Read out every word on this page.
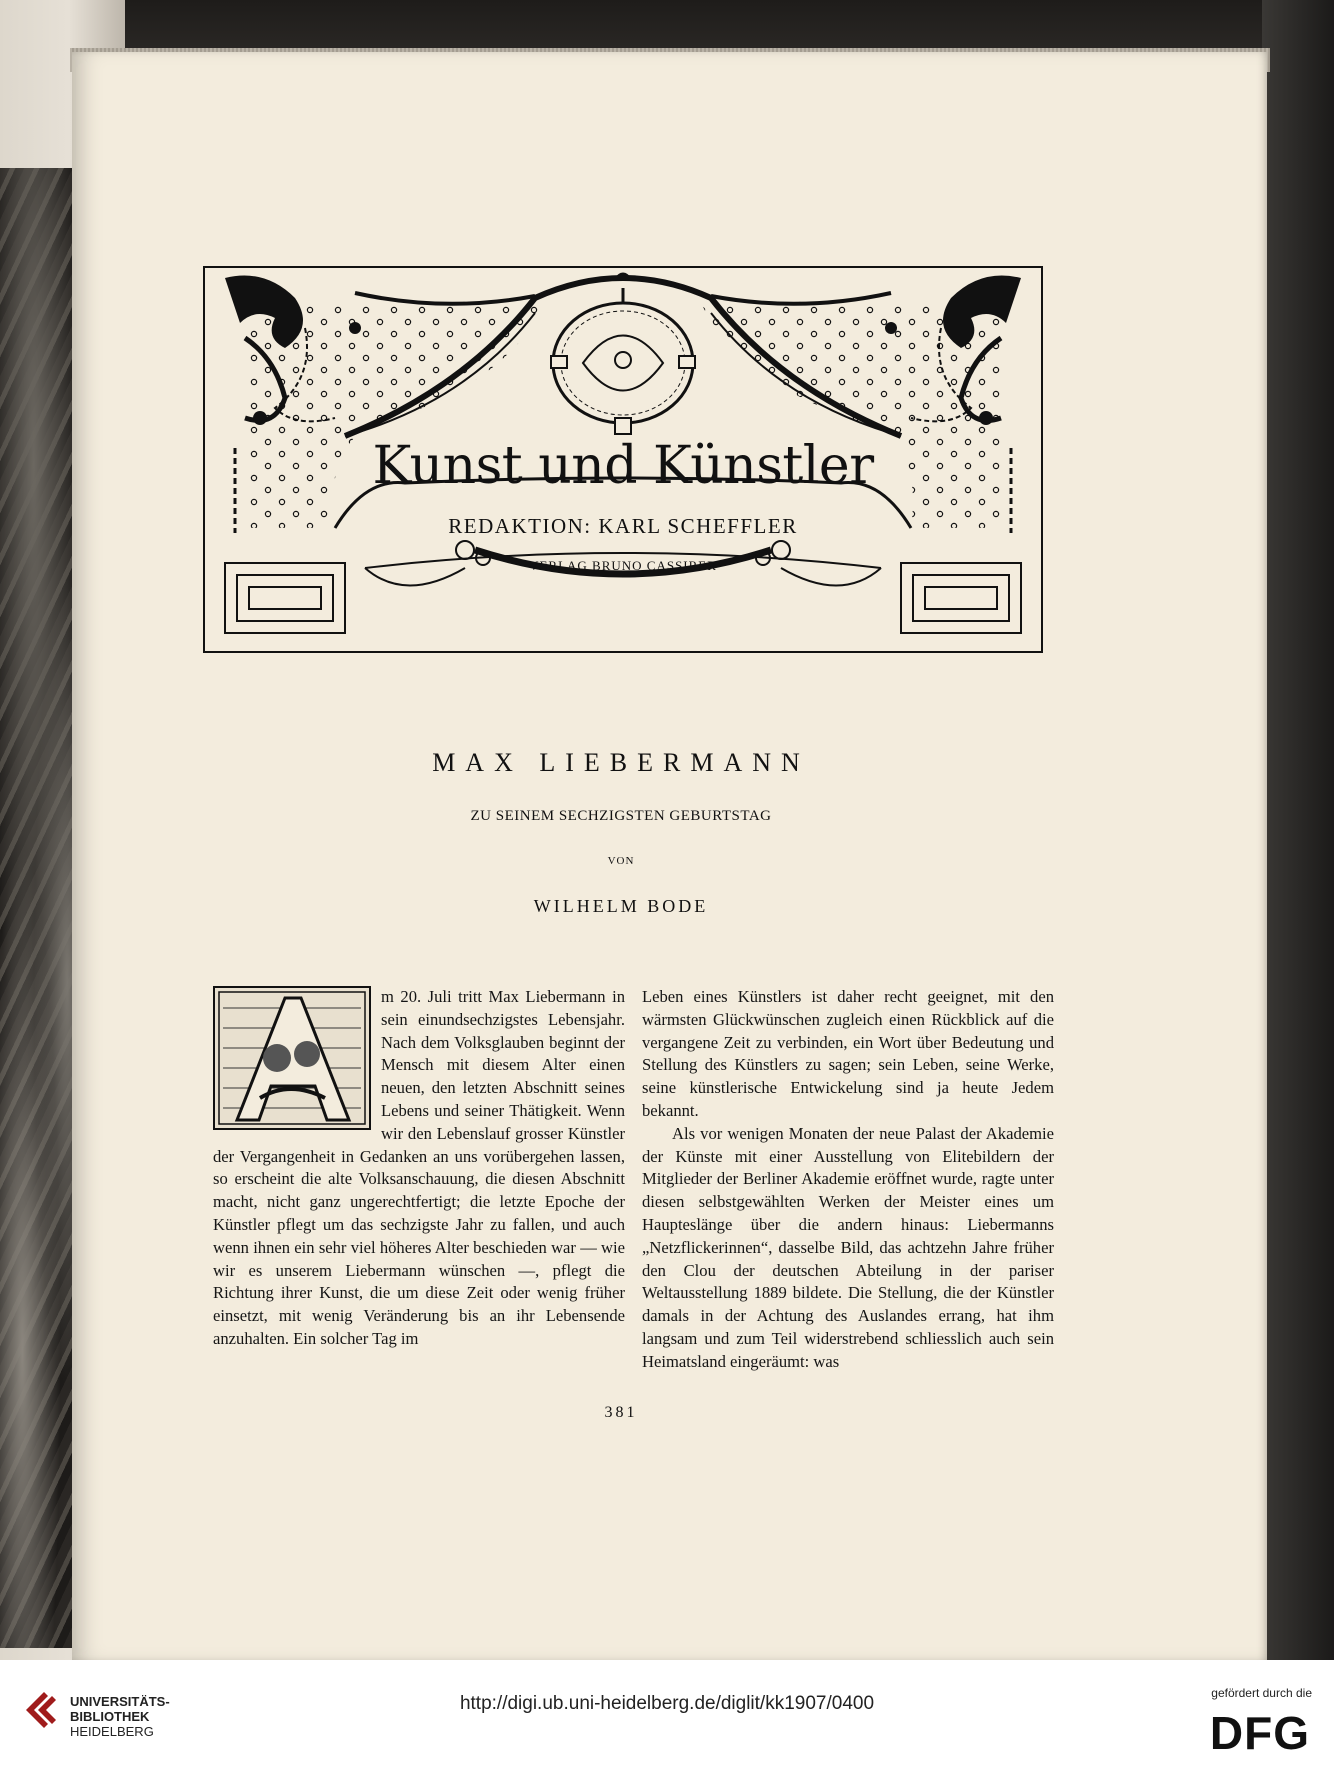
Kunst und Künstler
REDAKTION: KARL SCHEFFLER
VERLAG BRUNO CASSIRER
MAX LIEBERMANN
ZU SEINEM SECHZIGSTEN GEBURTSTAG
VON
WILHELM BODE

m 20. Juli tritt Max Liebermann in sein einundsechzigstes Lebensjahr. Nach dem Volksglauben beginnt der Mensch mit diesem Alter einen neuen, den letzten Abschnitt seines Lebens und seiner Thätigkeit. Wenn wir den Lebenslauf grosser Künstler der Vergangenheit in Gedanken an uns vorübergehen lassen, so erscheint die alte Volksanschauung, die diesen Abschnitt macht, nicht ganz ungerechtfertigt; die letzte Epoche der Künstler pflegt um das sechzigste Jahr zu fallen, und auch wenn ihnen ein sehr viel höheres Alter beschieden war — wie wir es unserem Liebermann wünschen —, pflegt die Richtung ihrer Kunst, die um diese Zeit oder wenig früher einsetzt, mit wenig Veränderung bis an ihr Lebensende anzuhalten. Ein solcher Tag im

Leben eines Künstlers ist daher recht geeignet, mit den wärmsten Glückwünschen zugleich einen Rückblick auf die vergangene Zeit zu verbinden, ein Wort über Bedeutung und Stellung des Künstlers zu sagen; sein Leben, seine Werke, seine künstlerische Entwickelung sind ja heute Jedem bekannt.

Als vor wenigen Monaten der neue Palast der Akademie der Künste mit einer Ausstellung von Elitebildern der Mitglieder der Berliner Akademie eröffnet wurde, ragte unter diesen selbstgewählten Werken der Meister eines um Haupteslänge über die andern hinaus: Liebermanns „Netzflickerinnen“, dasselbe Bild, das achtzehn Jahre früher den Clou der deutschen Abteilung in der pariser Weltausstellung 1889 bildete. Die Stellung, die der Künstler damals in der Achtung des Auslandes errang, hat ihm langsam und zum Teil widerstrebend schliesslich auch sein Heimatsland eingeräumt: was

381
UNIVERSITÄTS-
BIBLIOTHEK
HEIDELBERG
http://digi.ub.uni-heidelberg.de/diglit/kk1907/0400	gefördert durch die
DFG
